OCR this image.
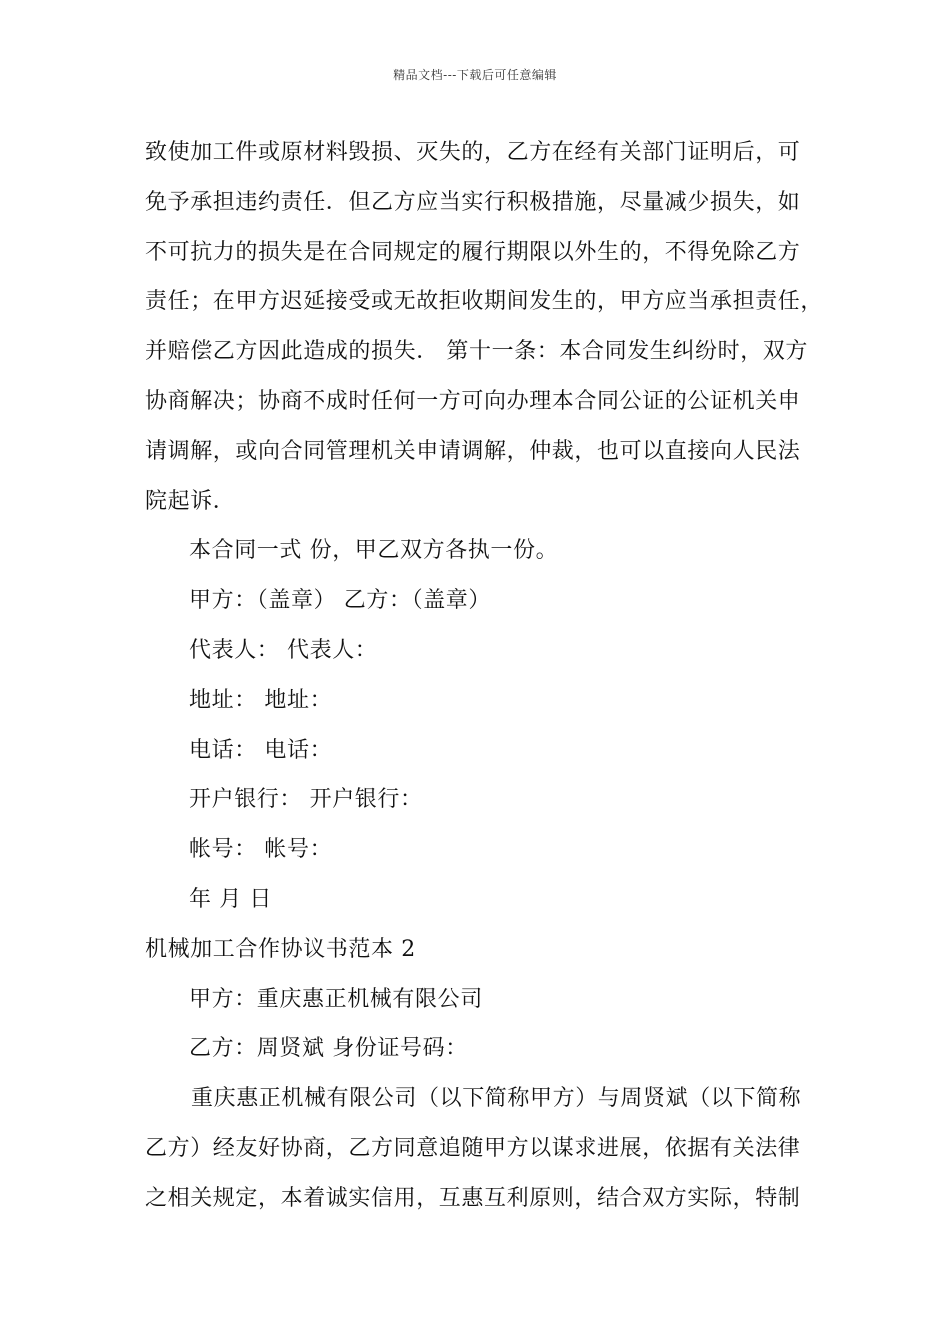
精品文档---下载后可任意编辑
致使加工件或原材料毁损、灭失的，乙方在经有关部门证明后，可
免予承担违约责任．但乙方应当实行积极措施，尽量减少损失，如
不可抗力的损失是在合同规定的履行期限以外生的，不得免除乙方
责任；在甲方迟延接受或无故拒收期间发生的，甲方应当承担责任，
并赔偿乙方因此造成的损失． 第十一条：本合同发生纠纷时，双方
协商解决；协商不成时任何一方可向办理本合同公证的公证机关申
请调解，或向合同管理机关申请调解，仲裁，也可以直接向人民法
院起诉．
本合同一式 份，甲乙双方各执一份。
甲方：（盖章） 乙方：（盖章）
代表人： 代表人：
地址： 地址：
电话： 电话：
开户银行： 开户银行：
帐号： 帐号：
年 月 日
机械加工合作协议书范本 2
甲方：重庆惠正机械有限公司
乙方：周贤斌 身份证号码：
重庆惠正机械有限公司（以下简称甲方）与周贤斌（以下简称
乙方）经友好协商，乙方同意追随甲方以谋求进展，依据有关法律
之相关规定，本着诚实信用，互惠互利原则，结合双方实际，特制
